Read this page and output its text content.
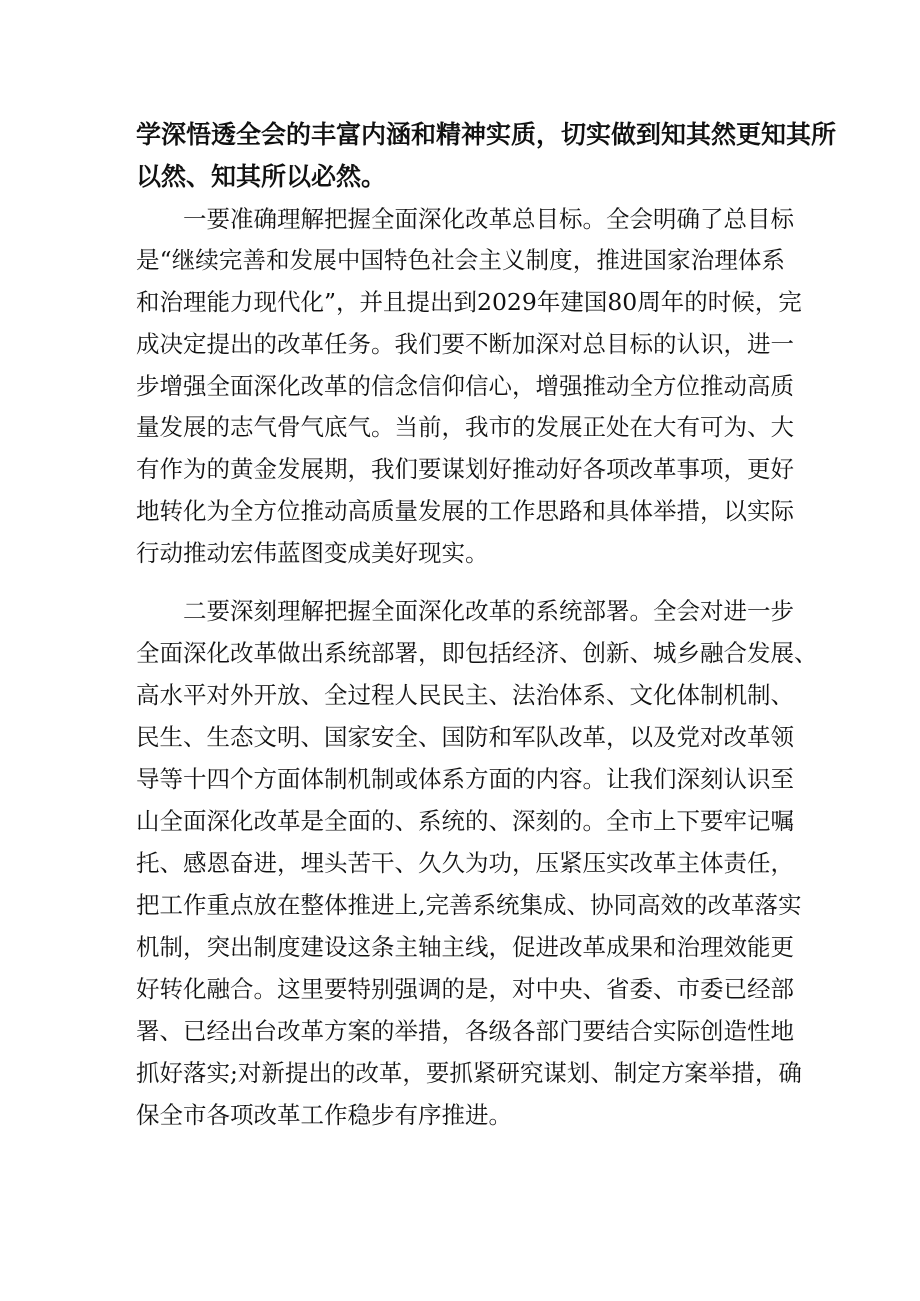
学深悟透全会的丰富内涵和精神实质，切实做到知其然更知其所
以然、知其所以必然。
一要准确理解把握全面深化改革总目标。全会明确了总目标
是“继续完善和发展中国特色社会主义制度，推进国家治理体系
和治理能力现代化”，并且提出到2029年建国80周年的时候，完
成决定提出的改革任务。我们要不断加深对总目标的认识，进一
步增强全面深化改革的信念信仰信心，增强推动全方位推动高质
量发展的志气骨气底气。当前，我市的发展正处在大有可为、大
有作为的黄金发展期，我们要谋划好推动好各项改革事项，更好
地转化为全方位推动高质量发展的工作思路和具体举措，以实际
行动推动宏伟蓝图变成美好现实。
二要深刻理解把握全面深化改革的系统部署。全会对进一步
全面深化改革做出系统部署，即包括经济、创新、城乡融合发展、
高水平对外开放、全过程人民民主、法治体系、文化体制机制、
民生、生态文明、国家安全、国防和军队改革，以及党对改革领
导等十四个方面体制机制或体系方面的内容。让我们深刻认识至
山全面深化改革是全面的、系统的、深刻的。全市上下要牢记嘱
托、感恩奋进，埋头苦干、久久为功，压紧压实改革主体责任，
把工作重点放在整体推进上,完善系统集成、协同高效的改革落实
机制，突出制度建设这条主轴主线，促进改革成果和治理效能更
好转化融合。这里要特别强调的是，对中央、省委、市委已经部
署、已经出台改革方案的举措，各级各部门要结合实际创造性地
抓好落实;对新提出的改革，要抓紧研究谋划、制定方案举措，确
保全市各项改革工作稳步有序推进。
